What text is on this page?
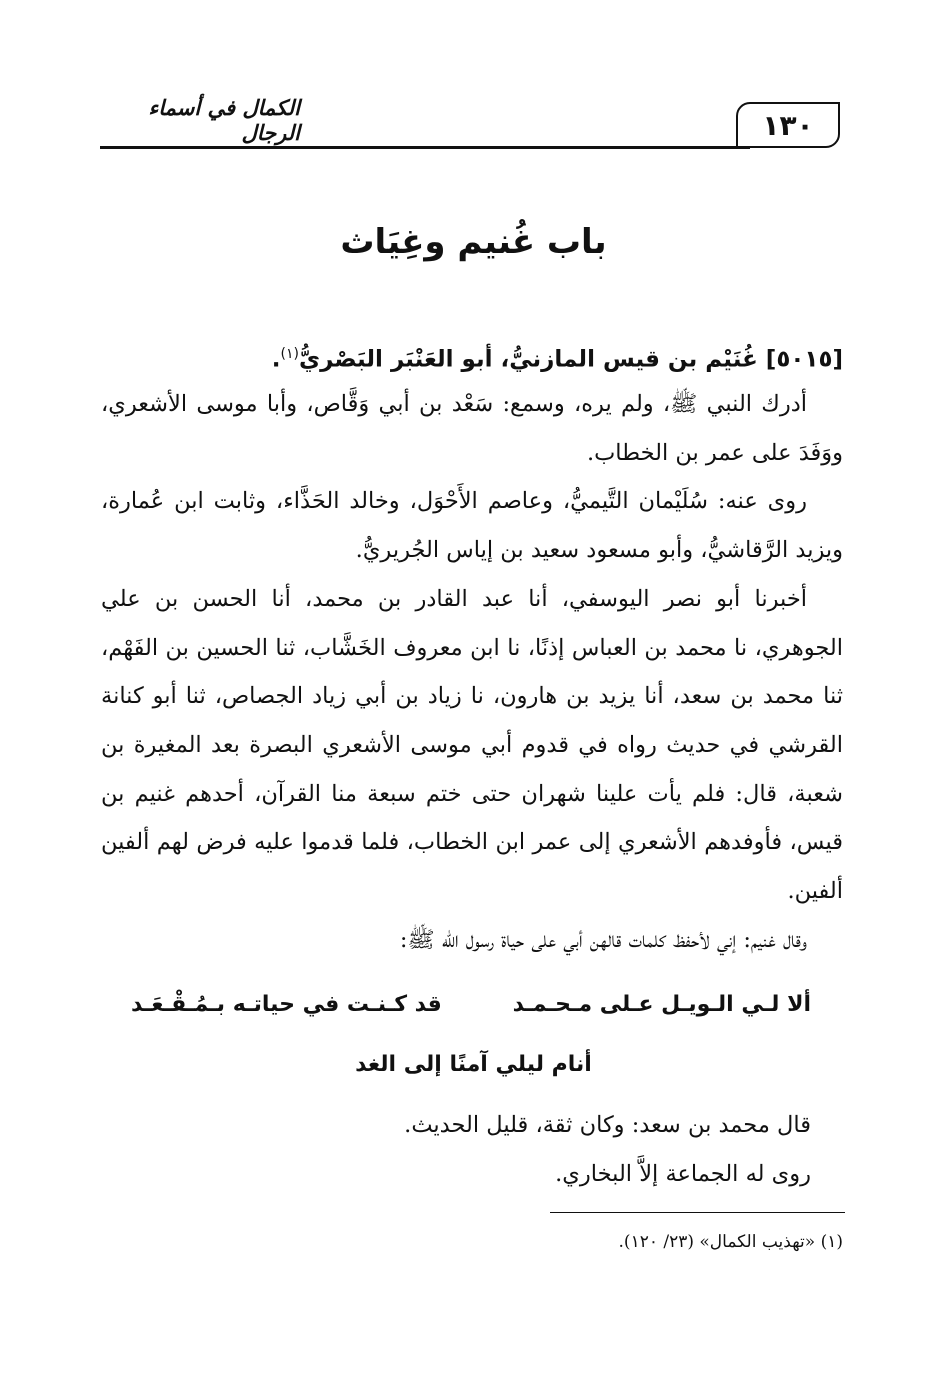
١٣٠
الكمال في أسماء الرجال
باب غُنيم وغِيَاث
[٥٠١٥] غُنَيْم بن قيس المازنيُّ، أبو العَنْبَر البَصْريُّ$^{(١)}$.

أدرك النبي ﷺ، ولم يره، وسمع: سَعْد بن أبي وَقَّاص، وأبا موسى الأشعري، ووَفَدَ على عمر بن الخطاب.

روى عنه: سُلَيْمان التَّيميُّ، وعاصم الأَحْوَل، وخالد الحَذَّاء، وثابت ابن عُمارة، ويزيد الرَّقاشيُّ، وأبو مسعود سعيد بن إياس الجُريريُّ.

أخبرنا أبو نصر اليوسفي، أنا عبد القادر بن محمد، أنا الحسن بن علي الجوهري، نا محمد بن العباس إذنًا، نا ابن معروف الخَشَّاب، ثنا الحسين بن الفَهْم، ثنا محمد بن سعد، أنا يزيد بن هارون، نا زياد بن أبي زياد الجصاص، ثنا أبو كنانة القرشي في حديث رواه في قدوم أبي موسى الأشعري البصرة بعد المغيرة بن شعبة، قال: فلم يأت علينا شهران حتى ختم سبعة منا القرآن، أحدهم غنيم بن قيس، فأوفدهم الأشعري إلى عمر ابن الخطاب، فلما قدموا عليه فرض لهم ألفين ألفين.

وقال غنيم: إني لأحفظ كلمات قالهن أبي على حياة رسول الله ﷺ:

ألا لـي الـويـل عـلى مـحـمـد
قد كـنـت في حياتـه بـمُـقْـعَـد
أنام ليلي آمنًا إلى الغد

قال محمد بن سعد: وكان ثقة، قليل الحديث.

روى له الجماعة إلاَّ البخاري.

(١) «تهذيب الكمال» (٢٣/ ١٢٠).
